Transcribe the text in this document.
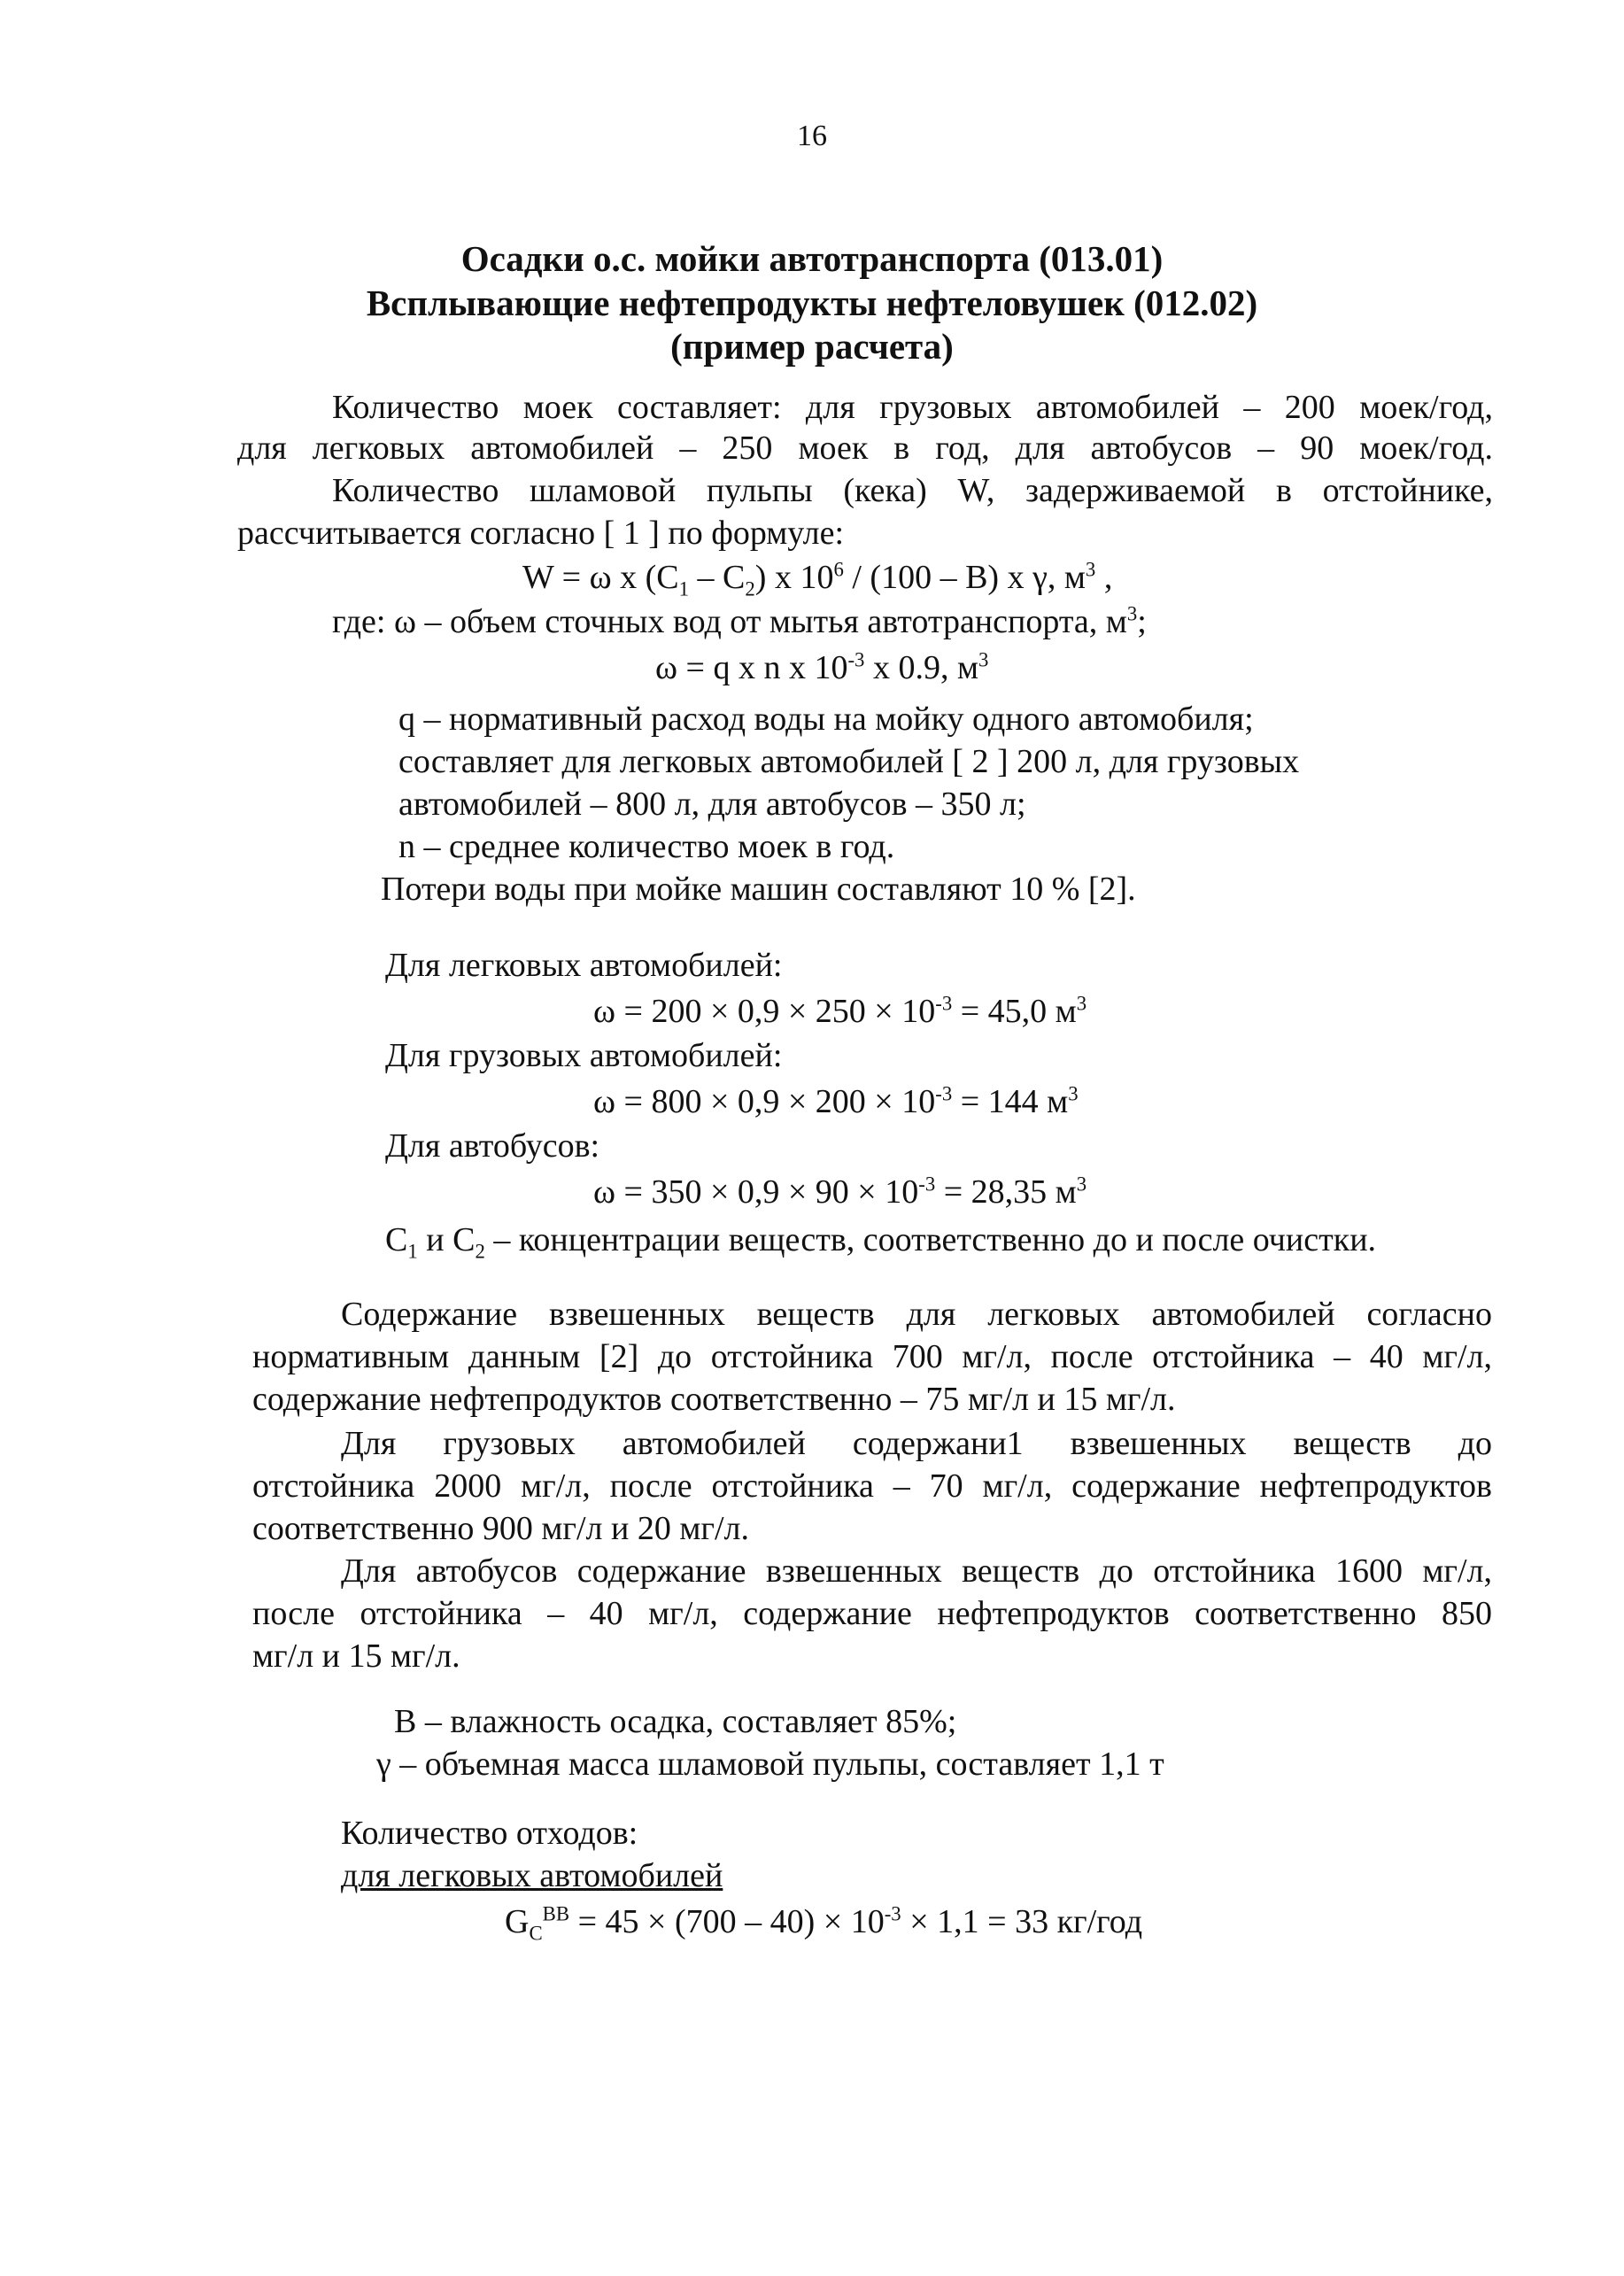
16
Осадки о.с. мойки автотранспорта (013.01)
Всплывающие нефтепродукты нефтеловушек (012.02)
(пример расчета)
Количество моек составляет: для грузовых автомобилей – 200 моек/год,
для легковых автомобилей – 250 моек в год, для автобусов – 90 моек/год.
Количество шламовой пульпы (кека) W, задерживаемой в отстойнике,
рассчитывается согласно [ 1 ] по формуле:
W = ω x $(C_1 - C_2)$ x $10^6 / (100 - B)$ x γ, $м^3$ ,
где: ω – объем сточных вод от мытья автотранспорта, $м^3$;
ω = q x n x $10^{-3}$ x 0.9, $м^3$
q – нормативный расход воды на мойку одного автомобиля;
составляет для легковых автомобилей [ 2 ] 200 л, для грузовых
автомобилей – 800 л, для автобусов – 350 л;
n – среднее количество моек в год.
Потери воды при мойке машин составляют 10 % [2].
Для легковых автомобилей:
$\omega = 200 \times 0,9 \times 250 \times 10^{-3} = 45,0$ $м^3$
Для грузовых автомобилей:
$\omega = 800 \times 0,9 \times 200 \times 10^{-3} = 144$ $м^3$
Для автобусов:
$\omega = 350 \times 0,9 \times 90 \times 10^{-3} = 28,35$ $м^3$
$C_1$ и $C_2$ – концентрации веществ, соответственно до и после очистки.
Содержание взвешенных веществ для легковых автомобилей согласно
нормативным данным [2] до отстойника 700 мг/л, после отстойника – 40 мг/л,
содержание нефтепродуктов соответственно – 75 мг/л и 15 мг/л.
Для грузовых автомобилей содержани1 взвешенных веществ до
отстойника 2000 мг/л, после отстойника – 70 мг/л, содержание нефтепродуктов
соответственно 900 мг/л и 20 мг/л.
Для автобусов содержание взвешенных веществ до отстойника 1600 мг/л,
после отстойника – 40 мг/л, содержание нефтепродуктов соответственно 850
мг/л и 15 мг/л.
B – влажность осадка, составляет 85%;
γ – объемная масса шламовой пульпы, составляет 1,1 т
Количество отходов:
для легковых автомобилей
$G_C^{BB} = 45 \times (700 - 40) \times 10^{-3} \times 1,1 = 33$ кг/год
